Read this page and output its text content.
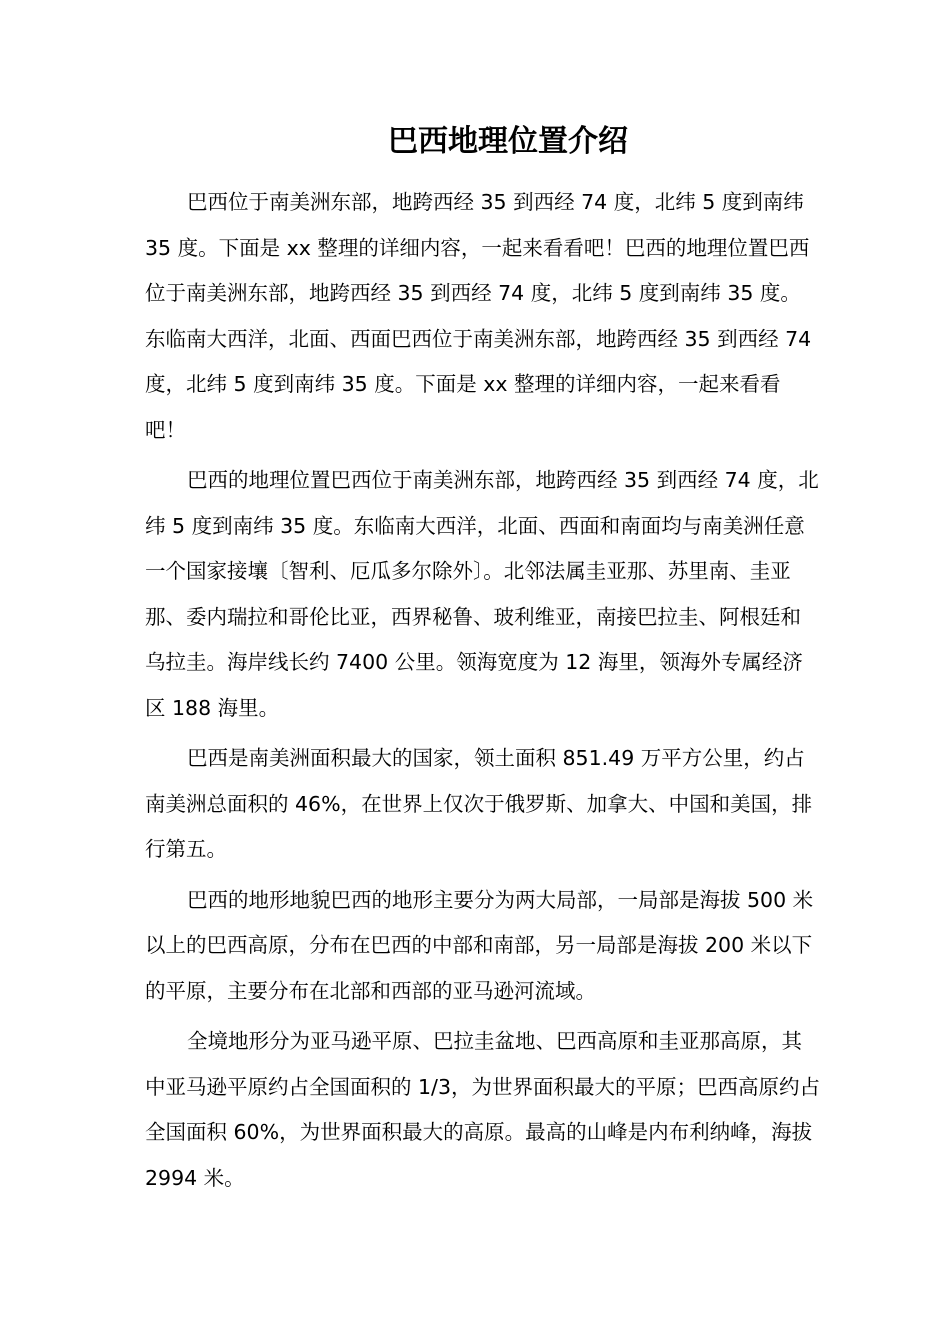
巴西地理位置介绍

巴西位于南美洲东部，地跨西经 35 到西经 74 度，北纬 5 度到南纬 35 度。下面是 xx 整理的详细内容，一起来看看吧！巴西的地理位置巴西位于南美洲东部，地跨西经 35 到西经 74 度，北纬 5 度到南纬 35 度。东临南大西洋，北面、西面巴西位于南美洲东部，地跨西经 35 到西经 74 度，北纬 5 度到南纬 35 度。下面是 xx 整理的详细内容，一起来看看吧！

巴西的地理位置巴西位于南美洲东部，地跨西经 35 到西经 74 度，北纬 5 度到南纬 35 度。东临南大西洋，北面、西面和南面均与南美洲任意一个国家接壤〔智利、厄瓜多尔除外〕。北邻法属圭亚那、苏里南、圭亚那、委内瑞拉和哥伦比亚，西界秘鲁、玻利维亚，南接巴拉圭、阿根廷和乌拉圭。海岸线长约 7400 公里。领海宽度为 12 海里，领海外专属经济区 188 海里。

巴西是南美洲面积最大的国家，领土面积 851.49 万平方公里，约占南美洲总面积的 46%，在世界上仅次于俄罗斯、加拿大、中国和美国，排行第五。

巴西的地形地貌巴西的地形主要分为两大局部，一局部是海拔 500 米以上的巴西高原，分布在巴西的中部和南部，另一局部是海拔 200 米以下的平原，主要分布在北部和西部的亚马逊河流域。

全境地形分为亚马逊平原、巴拉圭盆地、巴西高原和圭亚那高原，其中亚马逊平原约占全国面积的 1/3，为世界面积最大的平原；巴西高原约占全国面积 60%，为世界面积最大的高原。最高的山峰是内布利纳峰，海拔 2994 米。
